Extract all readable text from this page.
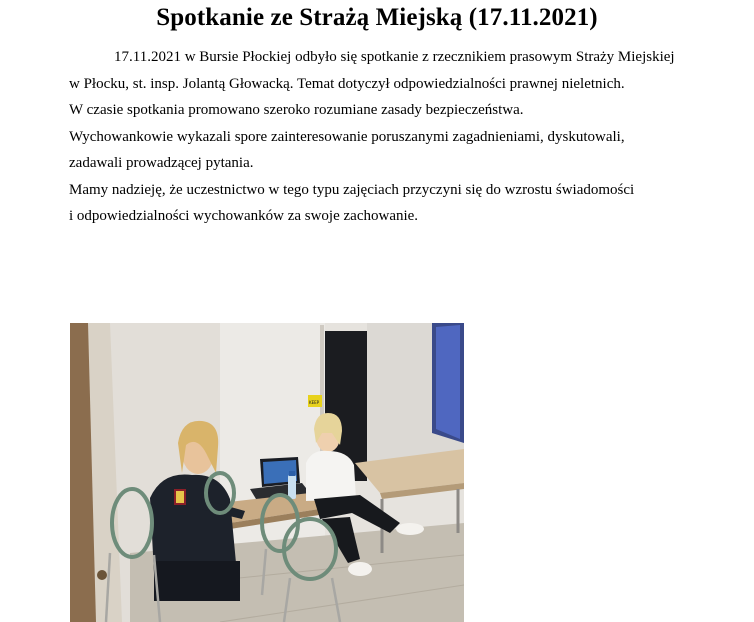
Spotkanie ze Strażą Miejską (17.11.2021)
17.11.2021 w Bursie Płockiej odbyło się spotkanie z rzecznikiem prasowym Straży Miejskiej
w Płocku, st. insp. Jolantą Głowacką. Temat dotyczył odpowiedzialności prawnej nieletnich.
W czasie spotkania promowano szeroko rozumiane zasady bezpieczeństwa.
Wychowankowie wykazali spore zainteresowanie poruszanymi zagadnieniami, dyskutowali,
zadawali prowadzącej pytania.
Mamy nadzieję, że uczestnictwo w tego typu zajęciach przyczyni się do wzrostu świadomości
i odpowiedzialności wychowanków za swoje zachowanie.
KEEP
